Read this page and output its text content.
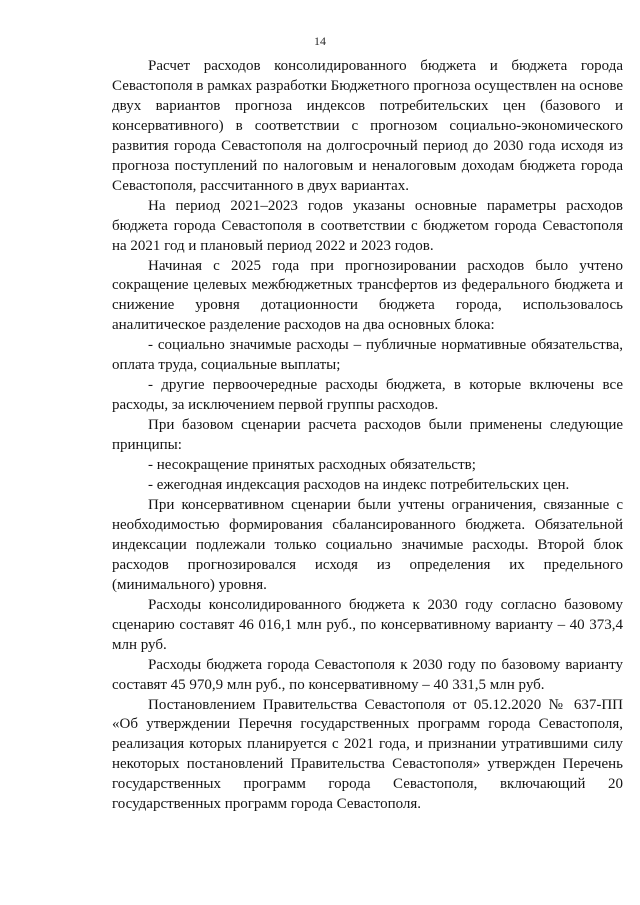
14

Расчет расходов консолидированного бюджета и бюджета города Севастополя в рамках разработки Бюджетного прогноза осуществлен на основе двух вариантов прогноза индексов потребительских цен (базового и консервативного) в соответствии с прогнозом социально-экономического развития города Севастополя на долгосрочный период до 2030 года исходя из прогноза поступлений по налоговым и неналоговым доходам бюджета города Севастополя, рассчитанного в двух вариантах.

На период 2021–2023 годов указаны основные параметры расходов бюджета города Севастополя в соответствии с бюджетом города Севастополя на 2021 год и плановый период 2022 и 2023 годов.

Начиная с 2025 года при прогнозировании расходов было учтено сокращение целевых межбюджетных трансфертов из федерального бюджета и снижение уровня дотационности бюджета города, использовалось аналитическое разделение расходов на два основных блока:

- социально значимые расходы – публичные нормативные обязательства, оплата труда, социальные выплаты;

- другие первоочередные расходы бюджета, в которые включены все расходы, за исключением первой группы расходов.

При базовом сценарии расчета расходов были применены следующие принципы:

- несокращение принятых расходных обязательств;

- ежегодная индексация расходов на индекс потребительских цен.

При консервативном сценарии были учтены ограничения, связанные с необходимостью формирования сбалансированного бюджета. Обязательной индексации подлежали только социально значимые расходы. Второй блок расходов прогнозировался исходя из определения их предельного (минимального) уровня.

Расходы консолидированного бюджета к 2030 году согласно базовому сценарию составят 46 016,1 млн руб., по консервативному варианту – 40 373,4 млн руб.

Расходы бюджета города Севастополя к 2030 году по базовому варианту составят 45 970,9 млн руб., по консервативному – 40 331,5 млн руб.

Постановлением Правительства Севастополя от 05.12.2020 № 637-ПП «Об утверждении Перечня государственных программ города Севастополя, реализация которых планируется с 2021 года, и признании утратившими силу некоторых постановлений Правительства Севастополя» утвержден Перечень государственных программ города Севастополя, включающий 20 государственных программ города Севастополя.
